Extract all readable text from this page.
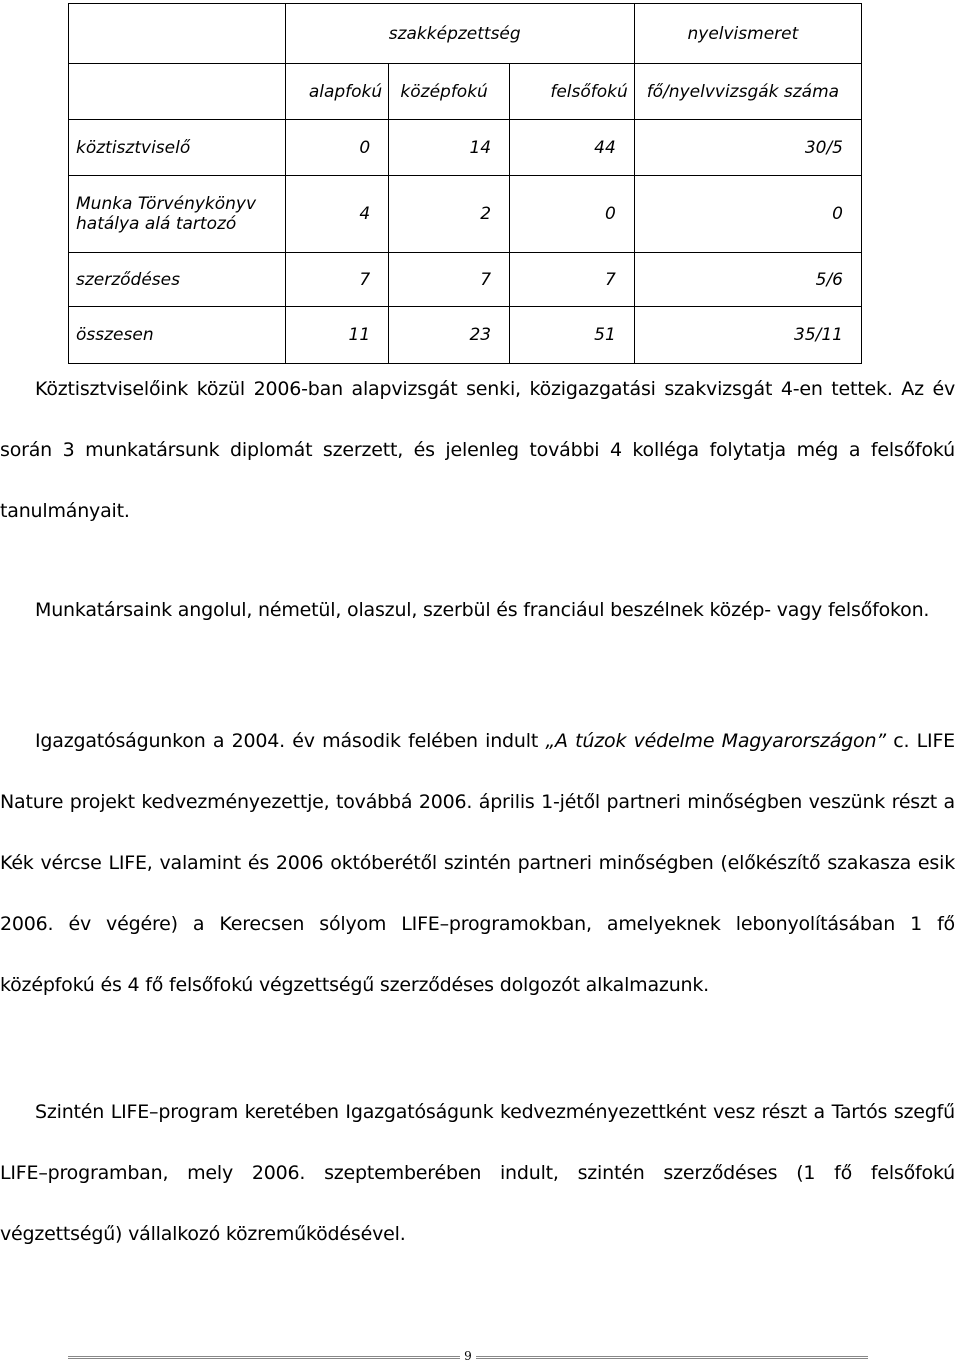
	szakképzettség			nyelvismeret
	alapfokú	középfokú	felsőfokú	fő/nyelvvizsgák száma
köztisztviselő	0	14	44	30/5
Munka Törvénykönyv hatálya alá tartozó	4	2	0	0
szerződéses	7	7	7	5/6
összesen	11	23	51	35/11

Köztisztviselőink közül 2006-ban alapvizsgát senki, közigazgatási szakvizsgát 4-en tettek. Az év során 3 munkatársunk diplomát szerzett, és jelenleg további 4 kolléga folytatja még a felsőfokú tanulmányait.

Munkatársaink angolul, németül, olaszul, szerbül és franciául beszélnek közép- vagy felsőfokon.

Igazgatóságunkon a 2004. év második felében indult „A túzok védelme Magyarországon” c. LIFE Nature projekt kedvezményezettje, továbbá 2006. április 1-jétől partneri minőségben veszünk részt a Kék vércse LIFE, valamint és 2006 októberétől szintén partneri minőségben (előkészítő szakasza esik 2006. év végére) a Kerecsen sólyom LIFE–programokban, amelyeknek lebonyolításában 1 fő középfokú és 4 fő felsőfokú végzettségű szerződéses dolgozót alkalmazunk.

Szintén LIFE–program keretében Igazgatóságunk kedvezményezettként vesz részt a Tartós szegfű LIFE–programban, mely 2006. szeptemberében indult, szintén szerződéses (1 fő felsőfokú végzettségű) vállalkozó közreműködésével.

9
